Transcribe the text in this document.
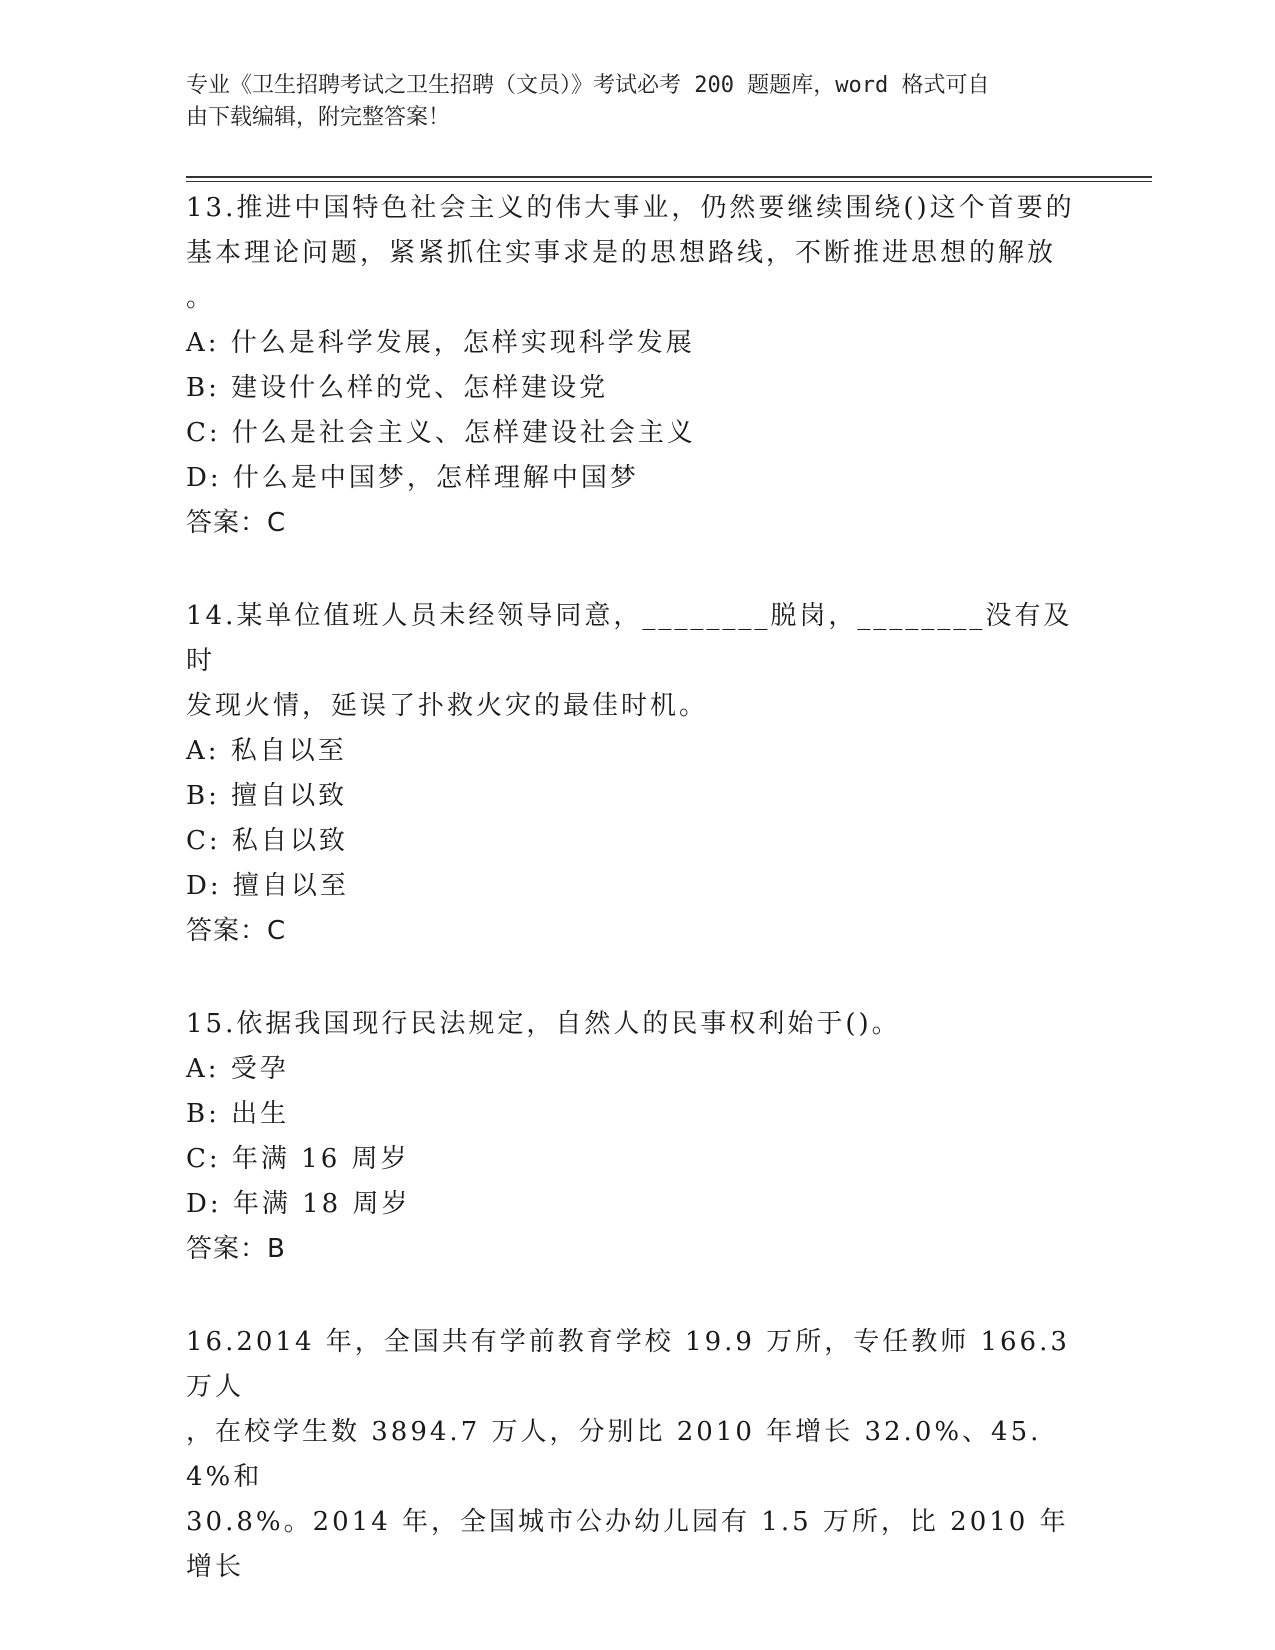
专业《卫生招聘考试之卫生招聘（文员）》考试必考 200 题题库，word 格式可自
由下载编辑，附完整答案！
13.推进中国特色社会主义的伟大事业，仍然要继续围绕()这个首要的
基本理论问题，紧紧抓住实事求是的思想路线，不断推进思想的解放
。
A: 什么是科学发展，怎样实现科学发展
B: 建设什么样的党、怎样建设党
C: 什么是社会主义、怎样建设社会主义
D: 什么是中国梦，怎样理解中国梦
答案：C
14.某单位值班人员未经领导同意，________脱岗，________没有及时
发现火情，延误了扑救火灾的最佳时机。
A: 私自以至
B: 擅自以致
C: 私自以致
D: 擅自以至
答案：C
15.依据我国现行民法规定，自然人的民事权利始于()。
A: 受孕
B: 出生
C: 年满 16 周岁
D: 年满 18 周岁
答案：B
16.2014 年，全国共有学前教育学校 19.9 万所，专任教师 166.3 万人
，在校学生数 3894.7 万人，分别比 2010 年增长 32.0%、45.4%和
30.8%。2014 年，全国城市公办幼儿园有 1.5 万所，比 2010 年增长
